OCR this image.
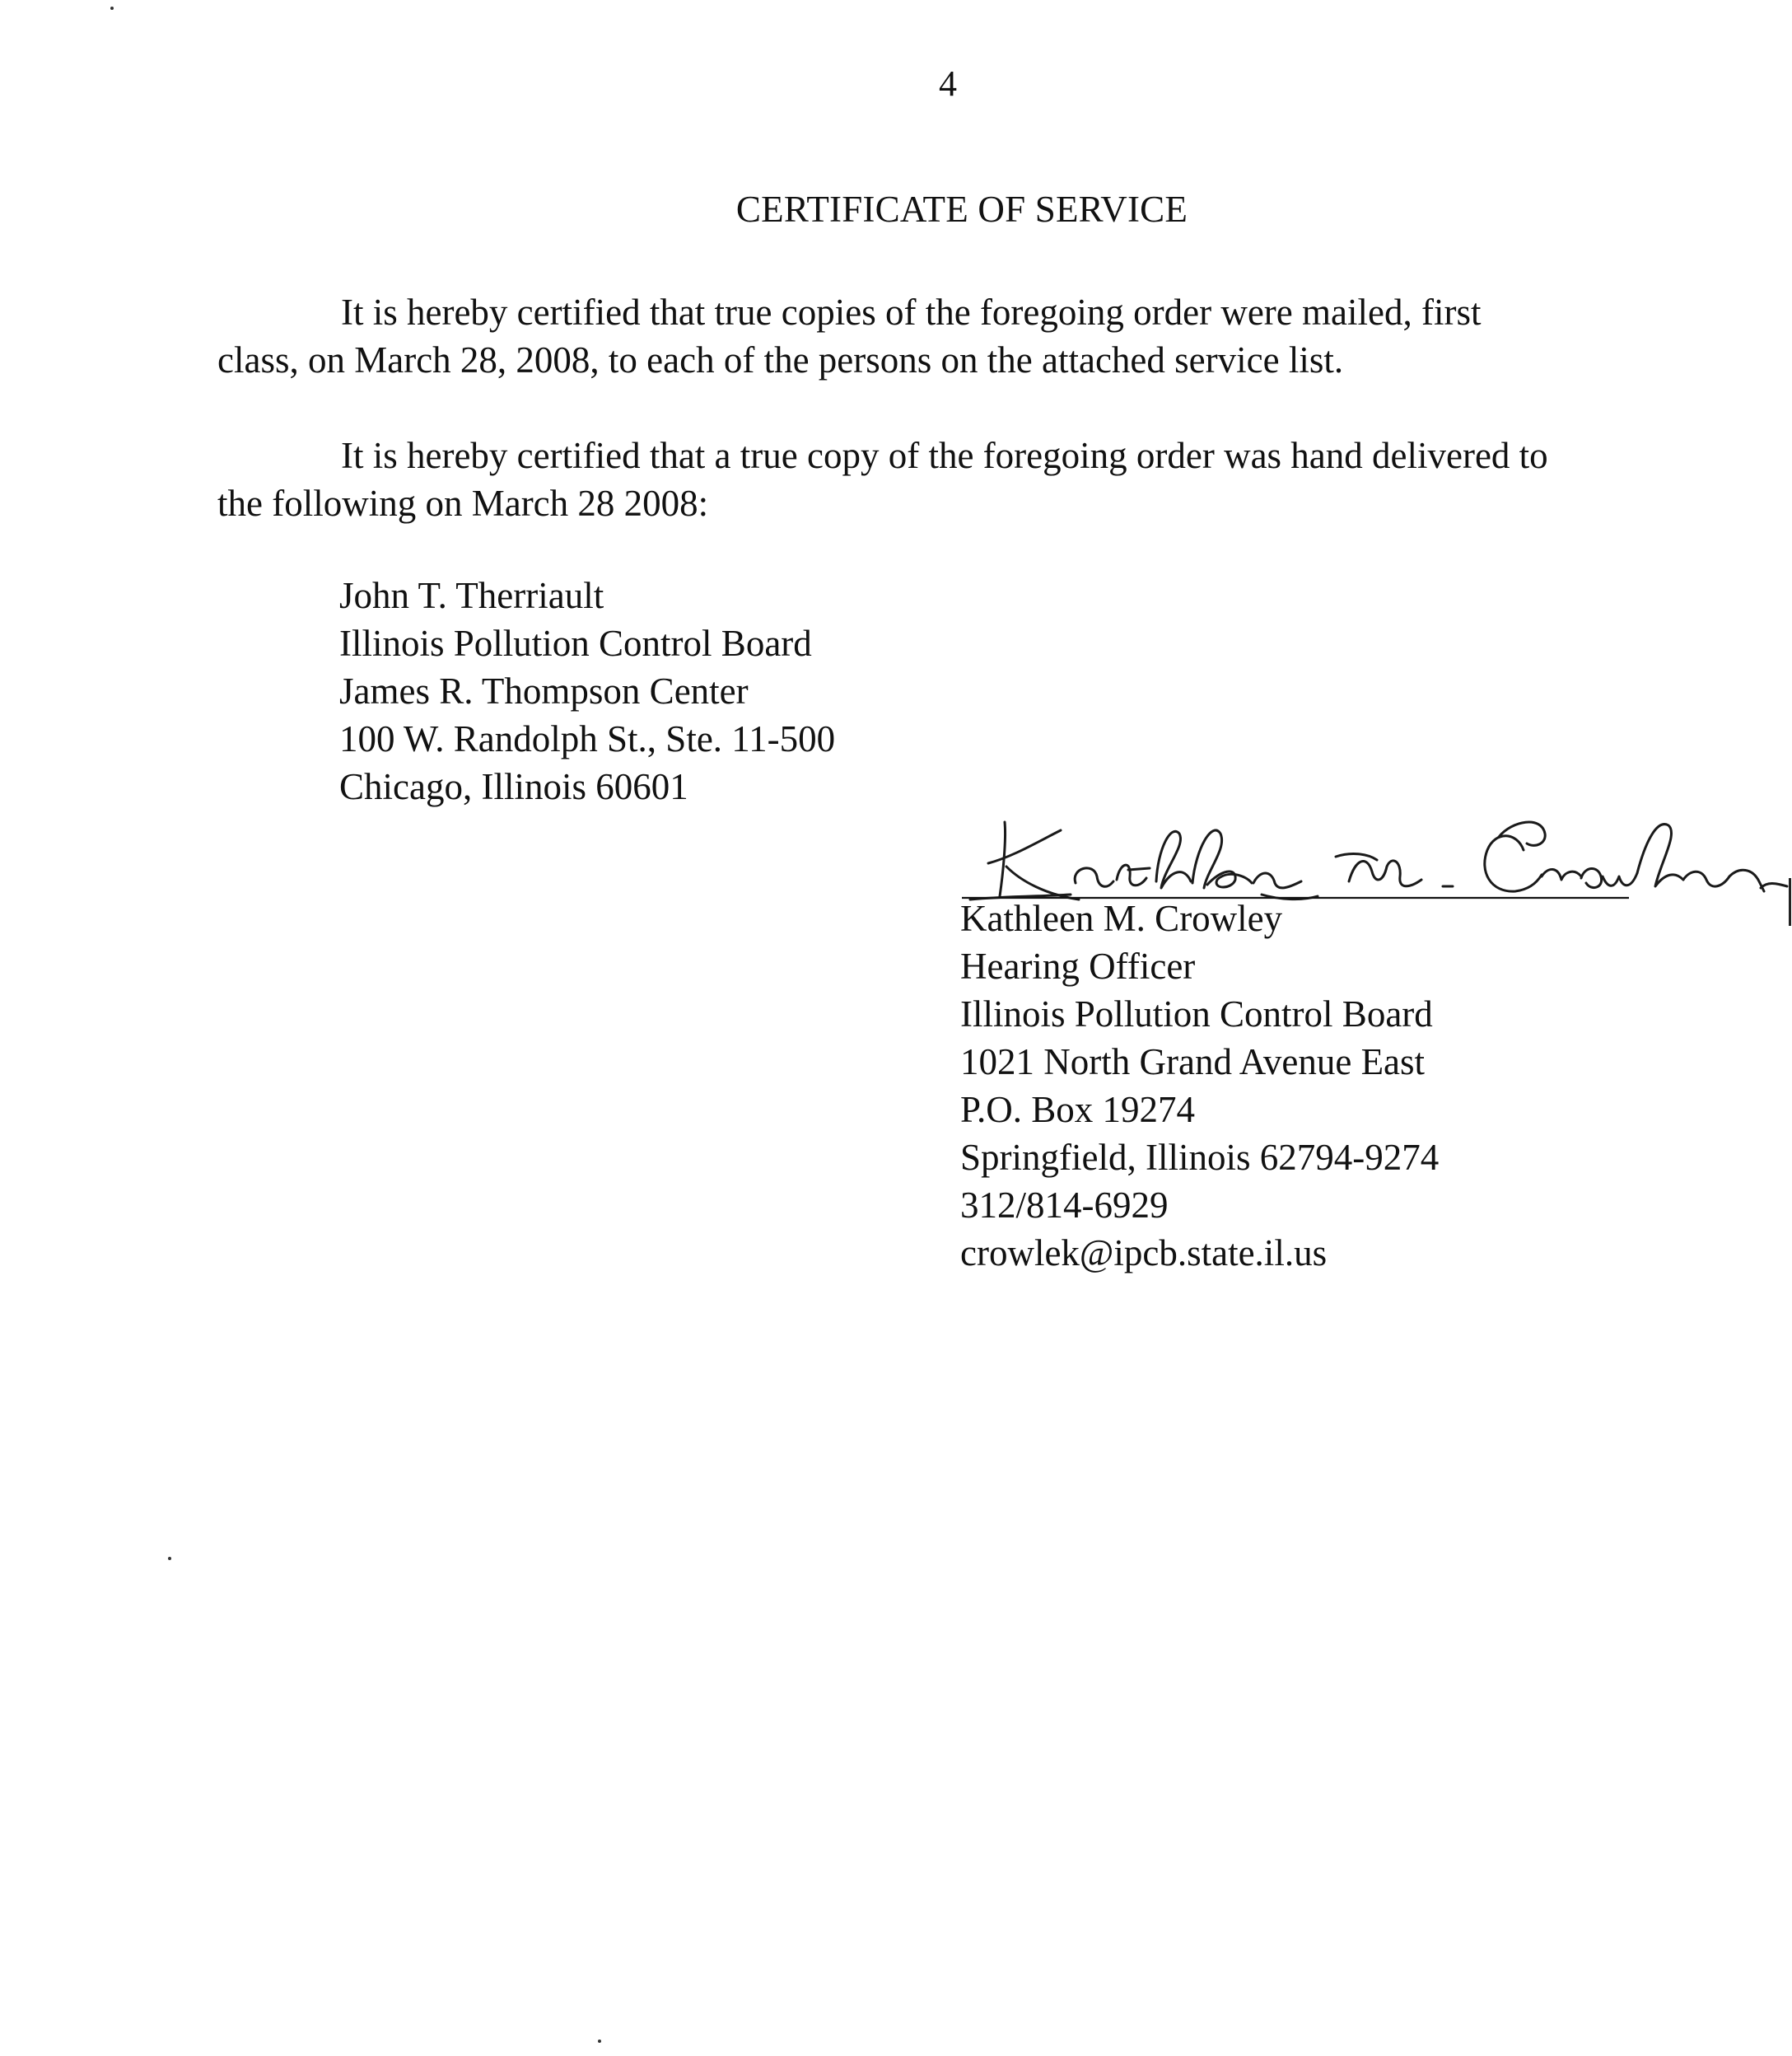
4
CERTIFICATE OF SERVICE
It is hereby certified that true copies of the foregoing order were mailed, first
class, on March 28, 2008, to each of the persons on the attached service list.
It is hereby certified that a true copy of the foregoing order was hand delivered to
the following on March 28 2008:
John T. Therriault
Illinois Pollution Control Board
James R. Thompson Center
100 W. Randolph St., Ste. 11-500
Chicago, Illinois 60601
Kathleen M. Crowley
Hearing Officer
Illinois Pollution Control Board
1021 North Grand Avenue East
P.O. Box 19274
Springfield, Illinois 62794-9274
312/814-6929
crowlek@ipcb.state.il.us
